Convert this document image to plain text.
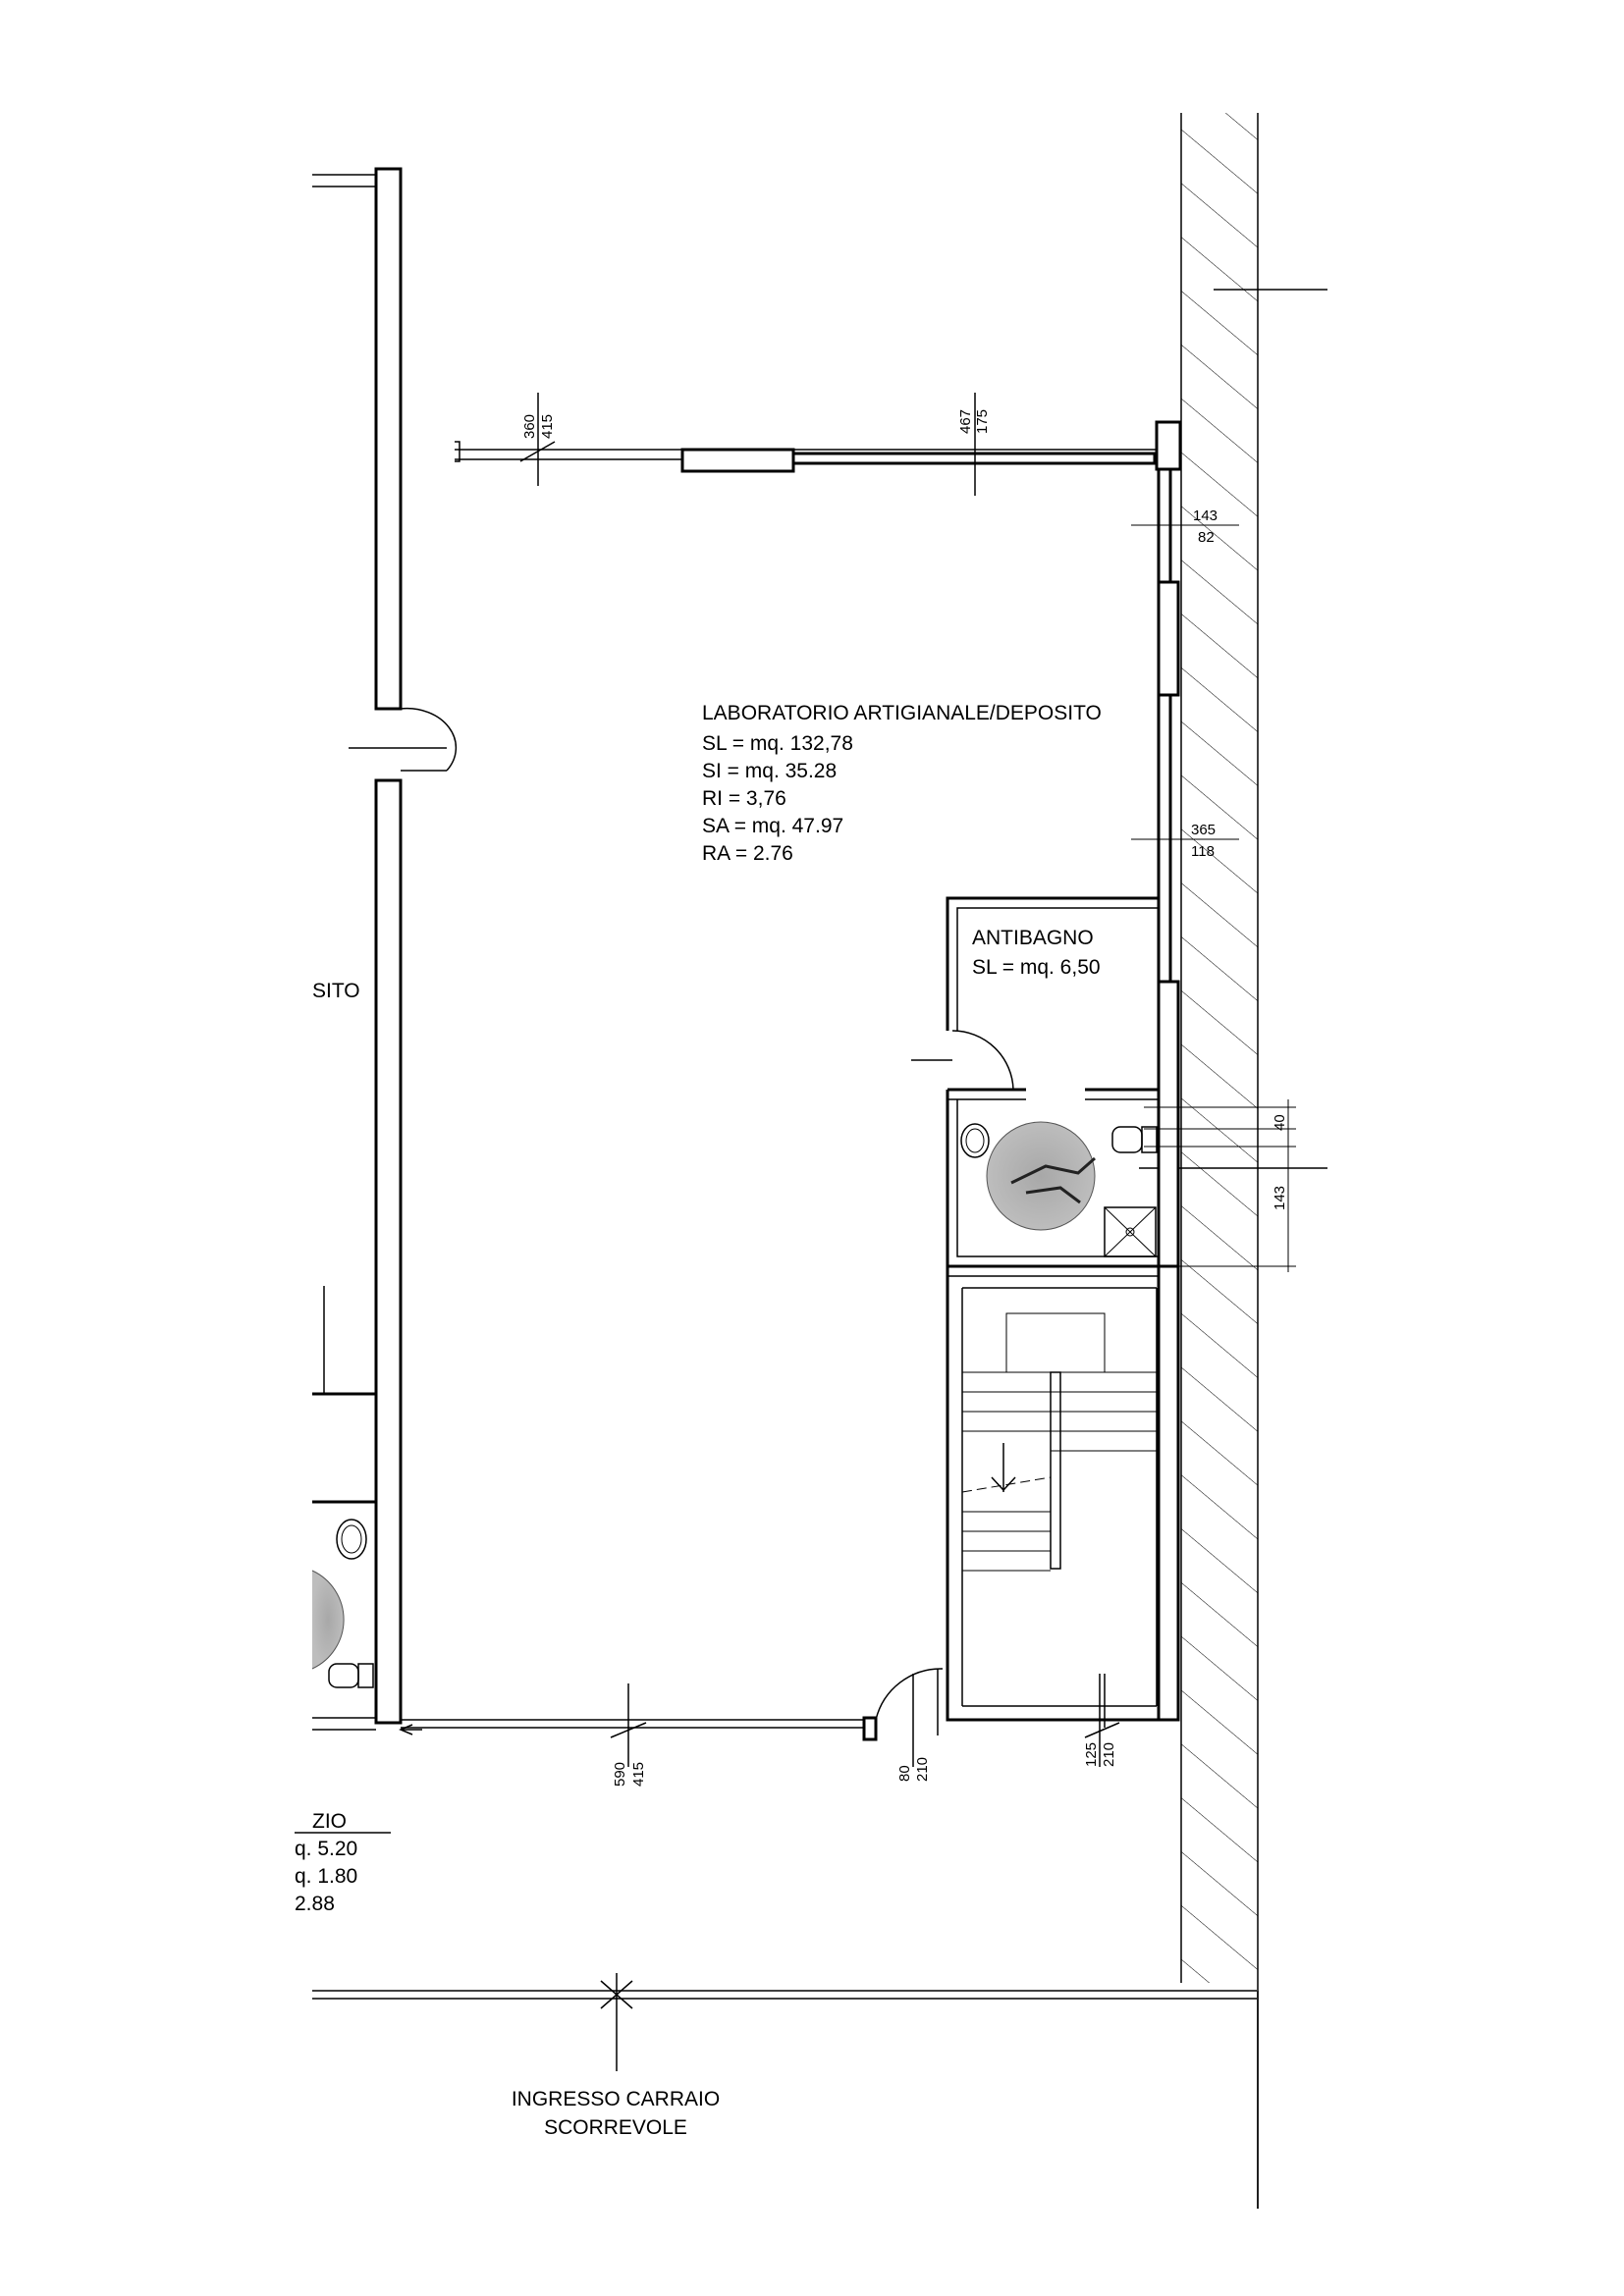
LABORATORIO ARTIGIANALE/DEPOSITO
SL = mq. 132,78
SI = mq. 35.28
RI = 3,76
SA = mq. 47.97
RA = 2.76
ANTIBAGNO
SL = mq. 6,50
SITO
ZIO
q. 5.20
q. 1.80
2.88
INGRESSO CARRAIO
SCORREVOLE
360 415	467 175
143
82
365
118
40
143
590 415	80 210
125 210
